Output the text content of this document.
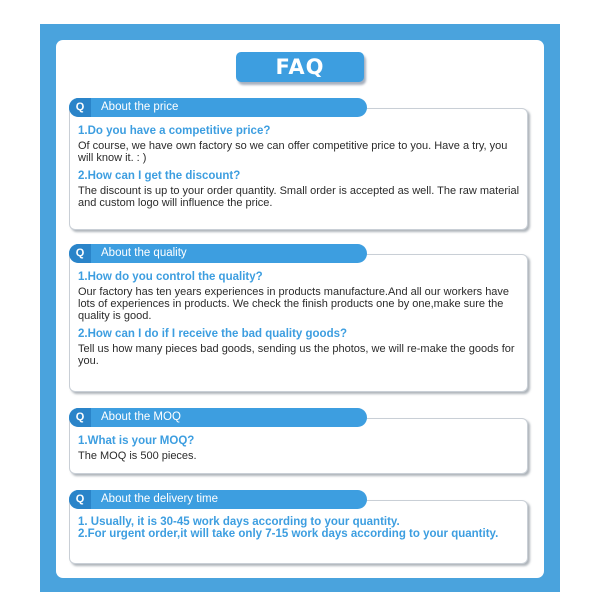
FAQ
Q	About the price

1.Do you have a competitive price?

Of course, we have own factory so we can offer competitive price to you. Have a try, you will know it. : )

2.How can I get the discount?

The discount is up to your order quantity. Small order is accepted as well. The raw material and custom logo will influence the price.

Q	About the quality

1.How do you control the quality?

Our factory has ten years experiences in products manufacture.And all our workers have lots of experiences in products. We check the finish products one by one,make sure the quality is good.

2.How can I do if I receive the bad quality goods?

Tell us how many pieces bad goods, sending us the photos, we will re-make the goods for you.

Q	About the MOQ

1.What is your MOQ?

The MOQ is 500 pieces.

Q	About the delivery time

1. Usually, it is 30-45 work days according to your quantity.

2.For urgent order,it will take only 7-15 work days according to your quantity.
